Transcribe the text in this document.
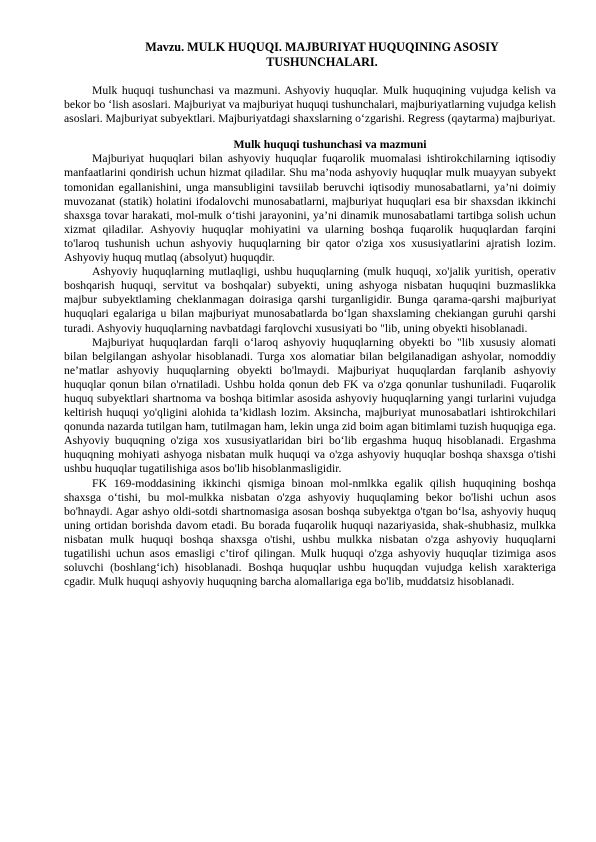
Mavzu. MULK HUQUQI. MAJBURIYAT HUQUQINING ASOSIY
TUSHUNCHALARI.

Mulk huquqi tushunchasi va mazmuni. Ashyoviy huquqlar. Mulk huquqining vujudga kelish va bekor bo ‘lish asoslari. Majburiyat va majburiyat huquqi tushunchalari, majburiyatlarning vujudga kelish asoslari. Majburiyat subyektlari. Majburiyatdagi shaxslarning o‘zgarishi. Regress (qaytarma) majburiyat.

Mulk huquqi tushunchasi va mazmuni

Majburiyat huquqlari bilan ashyoviy huquqlar fuqarolik muomalasi ishtirokchilarning iqtisodiy manfaatlarini qondirish uchun hizmat qiladilar. Shu ma’noda ashyoviy huquqlar mulk muayyan subyekt tomonidan egallanishini, unga mansubligini tavsiilab beruvchi iqtisodiy munosabatlarni, ya’ni doimiy muvozanat (statik) holatini ifodalovchi munosabatlarni, majburiyat huquqlari esa bir shaxsdan ikkinchi shaxsga tovar harakati, mol-mulk o‘tishi jarayonini, ya’ni dinamik munosabatlami tartibga solish uchun xizmat qiladilar. Ashyoviy huquqlar mohiyatini va ularning boshqa fuqarolik huquqlardan farqini to'laroq tushunish uchun ashyoviy huquqlarning bir qator o'ziga xos xususiyatlarini ajratish lozim. Ashyoviy huquq mutlaq (absolyut) huquqdir.

Ashyoviy huquqlarning mutlaqligi, ushbu huquqlarning (mulk huquqi, xo'jalik yuritish, operativ boshqarish huquqi, servitut va boshqalar) subyekti, uning ashyoga nisbatan huquqini buzmaslikka majbur subyektlaming cheklanmagan doirasiga qarshi turganligidir. Bunga qarama-qarshi majburiyat huquqlari egalariga u bilan majburiyat munosabatlarda bo‘lgan shaxslaming chekiangan guruhi qarshi turadi. Ashyoviy huquqlarning navbatdagi farqlovchi xususiyati bo "lib, uning obyekti hisoblanadi.

Majburiyat huquqlardan farqli o‘laroq ashyoviy huquqlarning obyekti bo "lib xususiy alomati bilan belgilangan ashyolar hisoblanadi. Turga xos alomatiar bilan belgilanadigan ashyolar, nomoddiy ne’matlar ashyoviy huquqlarning obyekti bo'lmaydi. Majburiyat huquqlardan farqlanib ashyoviy huquqlar qonun bilan o'rnatiladi. Ushbu holda qonun deb FK va o'zga qonunlar tushuniladi. Fuqarolik huquq subyektlari shartnoma va boshqa bitimlar asosida ashyoviy huquqlarning yangi turlarini vujudga keltirish huquqi yo'qligini alohida ta’kidlash lozim. Aksincha, majburiyat munosabatlari ishtirokchilari qonunda nazarda tutilgan ham, tutilmagan ham, lekin unga zid boim agan bitimlami tuzish huquqiga ega. Ashyoviy buquqning o'ziga xos xususiyatlaridan biri bo‘lib ergashma huquq hisoblanadi. Ergashma huquqning mohiyati ashyoga nisbatan mulk huquqi va o'zga ashyoviy huquqlar boshqa shaxsga o'tishi ushbu huquqlar tugatilishiga asos bo'lib hisoblanmasligidir.

FK 169-moddasining ikkinchi qismiga binoan mol-nmlkka egalik qilish huquqining boshqa shaxsga o‘tishi, bu mol-mulkka nisbatan o'zga ashyoviy huquqlaming bekor bo'lishi uchun asos bo'hnaydi. Agar ashyo oldi-sotdi shartnomasiga asosan boshqa subyektga o'tgan bo‘lsa, ashyoviy huquq uning ortidan borishda davom etadi. Bu borada fuqarolik huquqi nazariyasida, shak-shubhasiz, mulkka nisbatan mulk huquqi boshqa shaxsga o'tishi, ushbu mulkka nisbatan o'zga ashyoviy huquqlarni tugatilishi uchun asos emasligi c’tirof qilingan. Mulk huquqi o'zga ashyoviy huquqlar tizimiga asos soluvchi (boshlang‘ich) hisoblanadi. Boshqa huquqlar ushbu huquqdan vujudga kelish xarakteriga cgadir. Mulk huquqi ashyoviy huquqning barcha alomallariga ega bo'lib, muddatsiz hisoblanadi.
